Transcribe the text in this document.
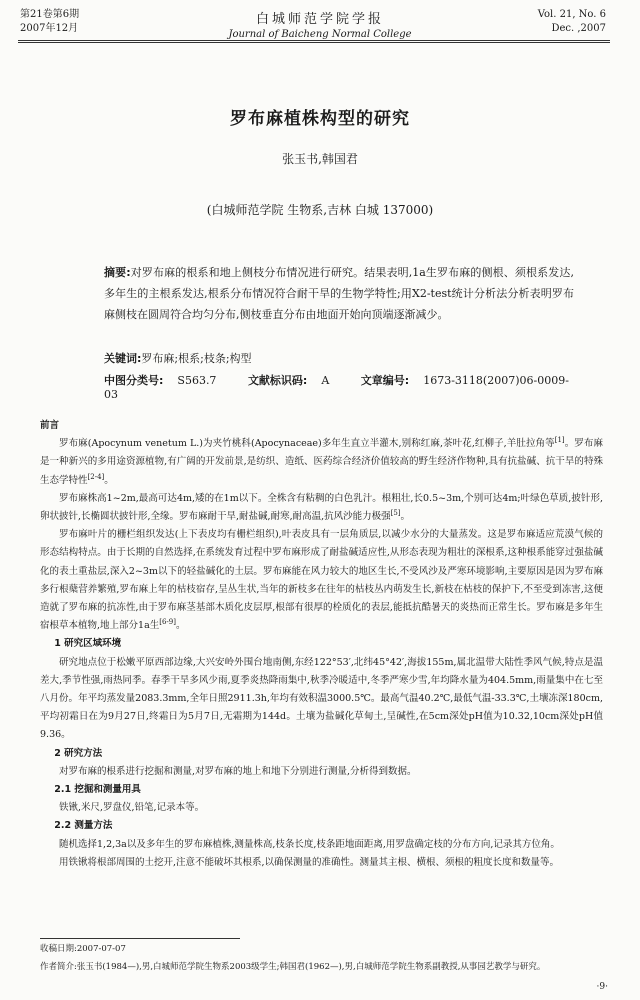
第21卷第6期
2007年12月
白城师范学院学报
Journal of Baicheng Normal College
Vol. 21, No. 6
Dec. ,2007
罗布麻植株构型的研究
张玉书,韩国君
(白城师范学院 生物系,吉林 白城 137000)
摘要:对罗布麻的根系和地上侧枝分布情况进行研究。结果表明,1a生罗布麻的侧根、须根系发达,多年生的主根系发达,根系分布情况符合耐干旱的生物学特性;用X2-test统计分析法分析表明罗布麻侧枝在圆周符合均匀分布,侧枝垂直分布由地面开始向顶端逐渐减少。
关键词:罗布麻;根系;枝条;构型
中图分类号: S563.7	文献标识码: A	文章编号: 1673-3118(2007)06-0009-03

前言

罗布麻(Apocynum venetum L.)为夹竹桃科(Apocynaceae)多年生直立半灌木,别称红麻,茶叶花,红柳子,羊肚拉角等[1]。罗布麻是一种新兴的多用途资源植物,有广阔的开发前景,是纺织、造纸、医药综合经济价值较高的野生经济作物种,具有抗盐碱、抗干旱的特殊生态学特性[2-4]。

罗布麻株高1~2m,最高可达4m,矮的在1m以下。全株含有粘稠的白色乳汁。根粗壮,长0.5~3m,个别可达4m;叶绿色草质,披针形,卵状披针,长椭圆状披针形,全缘。罗布麻耐干旱,耐盐碱,耐寒,耐高温,抗风沙能力极强[5]。

罗布麻叶片的栅栏组织发达(上下表皮均有栅栏组织),叶表皮具有一层角质层,以减少水分的大量蒸发。这是罗布麻适应荒漠气候的形态结构特点。由于长期的自然选择,在系统发育过程中罗布麻形成了耐盐碱适应性,从形态表现为粗壮的深根系,这种根系能穿过强盐碱化的表土重盐层,深入2~3m以下的轻盐碱化的土层。罗布麻能在风力较大的地区生长,不受风沙及严寒环境影响,主要原因是因为罗布麻多行根蘖营养繁殖,罗布麻上年的枯枝宿存,呈丛生状,当年的新枝多在往年的枯枝丛内萌发生长,新枝在枯枝的保护下,不至受到冻害,这便造就了罗布麻的抗冻性,由于罗布麻茎基部木质化皮层厚,根部有很厚的栓质化的表层,能抵抗酷暑天的炎热而正常生长。罗布麻是多年生宿根草本植物,地上部分1a生[6-9]。

1 研究区域环境

研究地点位于松嫩平原西部边缘,大兴安岭外围台地南侧,东经122°53′,北纬45°42′,海拔155m,属北温带大陆性季风气候,特点是温差大,季节性强,雨热同季。春季干旱多风少雨,夏季炎热降雨集中,秋季冷暖适中,冬季严寒少雪,年均降水量为404.5mm,雨量集中在七至八月份。年平均蒸发量2083.3mm,全年日照2911.3h,年均有效积温3000.5℃。最高气温40.2℃,最低气温-33.3℃,土壤冻深180cm,平均初霜日在为9月27日,终霜日为5月7日,无霜期为144d。土壤为盐碱化草甸土,呈碱性,在5cm深处pH值为10.32,10cm深处pH值9.36。

2 研究方法

对罗布麻的根系进行挖掘和测量,对罗布麻的地上和地下分别进行测量,分析得到数据。

2.1 挖掘和测量用具

铁锹,米尺,罗盘仪,铅笔,记录本等。

2.2 测量方法

随机选择1,2,3a以及多年生的罗布麻植株,测量株高,枝条长度,枝条距地面距离,用罗盘确定枝的分布方向,记录其方位角。

用铁锹将根部周围的土挖开,注意不能破坏其根系,以确保测量的准确性。测量其主根、横根、须根的粗度长度和数量等。

收稿日期:2007-07-07
作者简介:张玉书(1984—),男,白城师范学院生物系2003级学生;韩国君(1962—),男,白城师范学院生物系副教授,从事园艺教学与研究。
·9·
